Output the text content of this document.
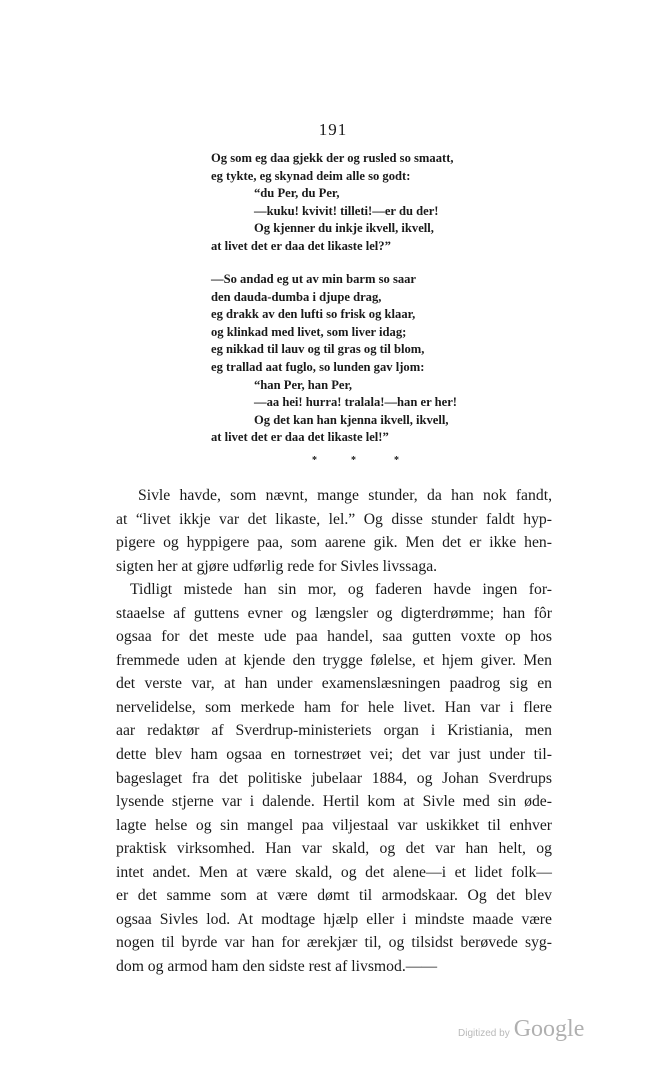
191
Og som eg daa gjekk der og rusled so smaatt,
eg tykte, eg skynad deim alle so godt:
“du Per, du Per,
—kuku! kvivit! tilleti!—er du der!
Og kjenner du inkje ikvell, ikvell,
at livet det er daa det likaste lel?”
—So andad eg ut av min barm so saar
den dauda-dumba i djupe drag,
eg drakk av den lufti so frisk og klaar,
og klinkad med livet, som liver idag;
eg nikkad til lauv og til gras og til blom,
eg trallad aat fuglo, so lunden gav ljom:
“han Per, han Per,
—aa hei! hurra! tralala!—han er her!
Og det kan han kjenna ikvell, ikvell,
at livet det er daa det likaste lel!”
*	*	*
Sivle havde, som nævnt, mange stunder, da han nok fandt,
at “livet ikkje var det likaste, lel.” Og disse stunder faldt hyp-
pigere og hyppigere paa, som aarene gik. Men det er ikke hen-
sigten her at gjøre udførlig rede for Sivles livssaga.
Tidligt mistede han sin mor, og faderen havde ingen for-
staaelse af guttens evner og længsler og digterdrømme; han fôr
ogsaa for det meste ude paa handel, saa gutten voxte op hos
fremmede uden at kjende den trygge følelse, et hjem giver. Men
det verste var, at han under examenslæsningen paadrog sig en
nervelidelse, som merkede ham for hele livet. Han var i flere
aar redaktør af Sverdrup-ministeriets organ i Kristiania, men
dette blev ham ogsaa en tornestrøet vei; det var just under til-
bageslaget fra det politiske jubelaar 1884, og Johan Sverdrups
lysende stjerne var i dalende. Hertil kom at Sivle med sin øde-
lagte helse og sin mangel paa viljestaal var uskikket til enhver
praktisk virksomhed. Han var skald, og det var han helt, og
intet andet. Men at være skald, og det alene—i et lidet folk—
er det samme som at være dømt til armodskaar. Og det blev
ogsaa Sivles lod. At modtage hjælp eller i mindste maade være
nogen til byrde var han for ærekjær til, og tilsidst berøvede syg-
dom og armod ham den sidste rest af livsmod.——
Digitized by Google
